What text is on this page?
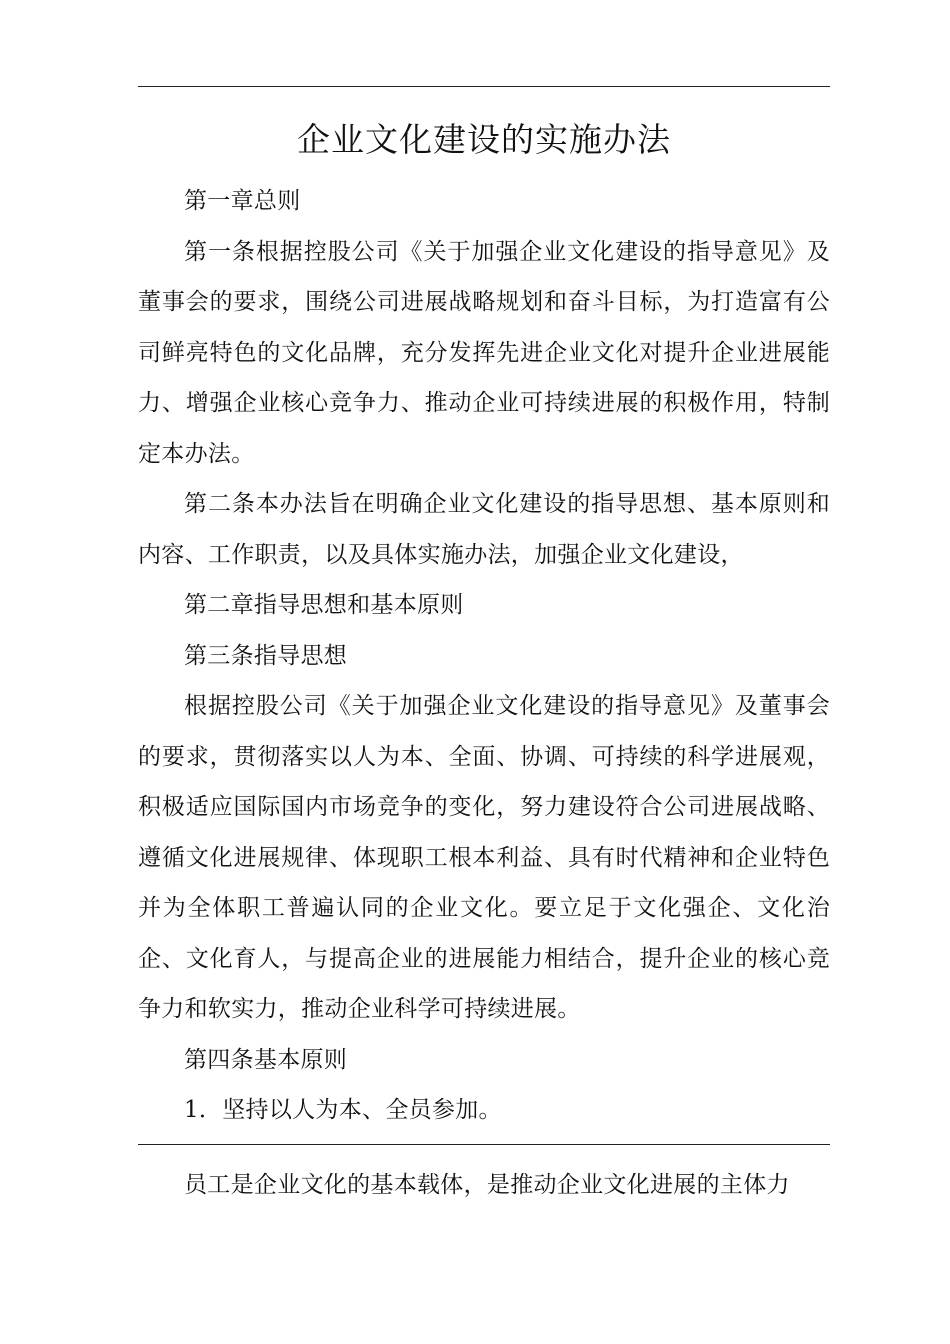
企业文化建设的实施办法

第一章总则

第一条根据控股公司《关于加强企业文化建设的指导意见》及董事会的要求，围绕公司进展战略规划和奋斗目标，为打造富有公司鲜亮特色的文化品牌，充分发挥先进企业文化对提升企业进展能力、增强企业核心竞争力、推动企业可持续进展的积极作用，特制定本办法。

第二条本办法旨在明确企业文化建设的指导思想、基本原则和内容、工作职责，以及具体实施办法，加强企业文化建设，

第二章指导思想和基本原则

第三条指导思想

根据控股公司《关于加强企业文化建设的指导意见》及董事会的要求，贯彻落实以人为本、全面、协调、可持续的科学进展观，积极适应国际国内市场竞争的变化，努力建设符合公司进展战略、遵循文化进展规律、体现职工根本利益、具有时代精神和企业特色并为全体职工普遍认同的企业文化。要立足于文化强企、文化治企、文化育人，与提高企业的进展能力相结合，提升企业的核心竞争力和软实力，推动企业科学可持续进展。

第四条基本原则

1．坚持以人为本、全员参加。

员工是企业文化的基本载体，是推动企业文化进展的主体力
